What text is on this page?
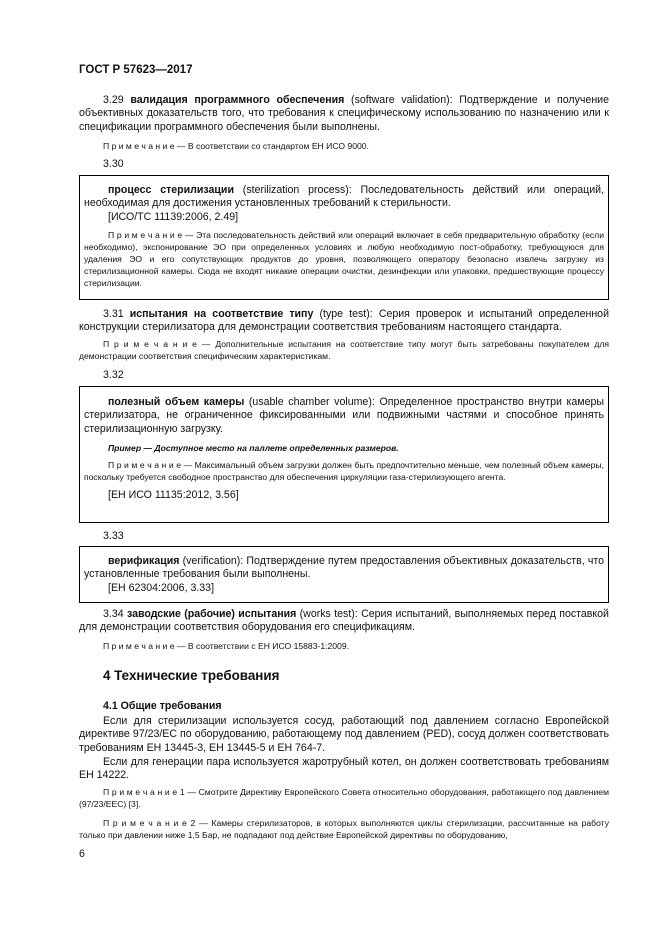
ГОСТ Р 57623—2017

3.29 валидация программного обеспечения (software validation): Подтверждение и получение объективных доказательств того, что требования к специфическому использованию по назначению или к спецификации программного обеспечения были выполнены.

П р и м е ч а н и е — В соответствии со стандартом ЕН ИСО 9000.

3.30

процесс стерилизации (sterilization process): Последовательность действий или операций, необходимая для достижения установленных требований к стерильности.

[ИСО/ТС 11139:2006, 2.49]

П р и м е ч а н и е — Эта последовательность действий или операций включает в себя предварительную обработку (если необходимо), экспонирование ЭО при определенных условиях и любую необходимую пост-обработку, требующуюся для удаления ЭО и его сопутствующих продуктов до уровня, позволяющего оператору безопасно извлечь загрузку из стерилизационной камеры. Сюда не входят никакие операции очистки, дезинфекции или упаковки, предшествующие процессу стерилизации.

3.31 испытания на соответствие типу (type test): Серия проверок и испытаний определенной конструкции стерилизатора для демонстрации соответствия требованиям настоящего стандарта.

П р и м е ч а н и е — Дополнительные испытания на соответствие типу могут быть затребованы покупателем для демонстрации соответствия специфическим характеристикам.

3.32

полезный объем камеры (usable chamber volume): Определенное пространство внутри камеры стерилизатора, не ограниченное фиксированными или подвижными частями и способное принять стерилизационную загрузку.

Пример — Доступное место на паллете определенных размеров.

П р и м е ч а н и е — Максимальный объем загрузки должен быть предпочтительно меньше, чем полезный объем камеры, поскольку требуется свободное пространство для обеспечения циркуляции газа-стерилизующего агента.

[ЕН ИСО 11135:2012, 3.56]

3.33

верификация (verification): Подтверждение путем предоставления объективных доказательств, что установленные требования были выполнены.

[ЕН 62304:2006, 3.33]

3.34 заводские (рабочие) испытания (works test): Серия испытаний, выполняемых перед поставкой для демонстрации соответствия оборудования его спецификациям.

П р и м е ч а н и е — В соответствии с ЕН ИСО 15883-1:2009.

4 Технические требования
4.1 Общие требования

Если для стерилизации используется сосуд, работающий под давлением согласно Европейской директиве 97/23/ЕС по оборудованию, работающему под давлением (PED), сосуд должен соответствовать требованиям ЕН 13445-3, ЕН 13445-5 и ЕН 764-7.

Если для генерации пара используется жаротрубный котел, он должен соответствовать требованиям ЕН 14222.

П р и м е ч а н и е 1 — Смотрите Директиву Европейского Совета относительно оборудования, работающего под давлением (97/23/ЕЕС) [3].

П р и м е ч а н и е 2 — Камеры стерилизаторов, в которых выполняются циклы стерилизации, рассчитанные на работу только при давлении ниже 1,5 Бар, не подпадают под действие Европейской директивы по оборудованию,

6
